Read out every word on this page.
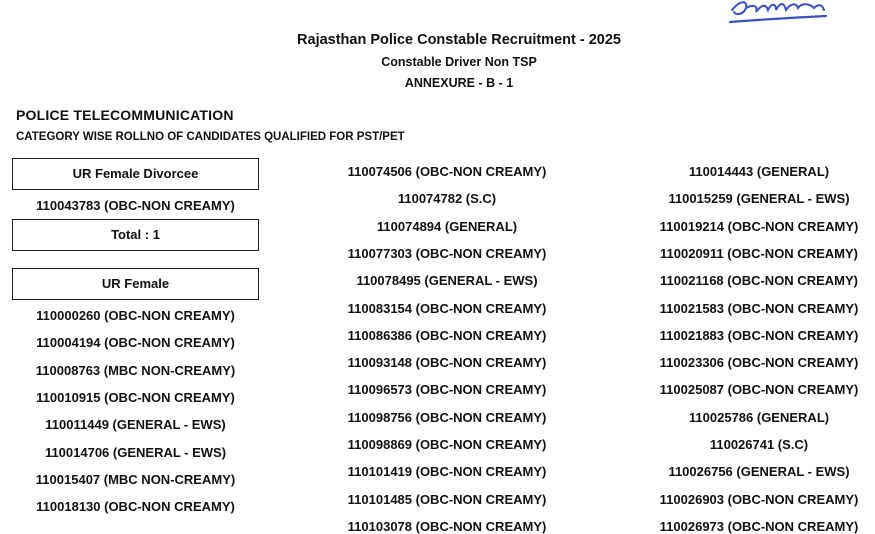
Rajasthan Police Constable Recruitment - 2025
Constable Driver Non TSP
ANNEXURE - B - 1
POLICE TELECOMMUNICATION
CATEGORY WISE ROLLNO OF CANDIDATES QUALIFIED FOR PST/PET
UR Female Divorcee
110043783 (OBC-NON CREAMY)
Total : 1
UR Female
110000260 (OBC-NON CREAMY)
110004194 (OBC-NON CREAMY)
110008763 (MBC NON-CREAMY)
110010915 (OBC-NON CREAMY)
110011449 (GENERAL - EWS)
110014706 (GENERAL - EWS)
110015407 (MBC NON-CREAMY)
110018130 (OBC-NON CREAMY)
110074506 (OBC-NON CREAMY)
110074782 (S.C)
110074894 (GENERAL)
110077303 (OBC-NON CREAMY)
110078495 (GENERAL - EWS)
110083154 (OBC-NON CREAMY)
110086386 (OBC-NON CREAMY)
110093148 (OBC-NON CREAMY)
110096573 (OBC-NON CREAMY)
110098756 (OBC-NON CREAMY)
110098869 (OBC-NON CREAMY)
110101419 (OBC-NON CREAMY)
110101485 (OBC-NON CREAMY)
110103078 (OBC-NON CREAMY)
110014443 (GENERAL)
110015259 (GENERAL - EWS)
110019214 (OBC-NON CREAMY)
110020911 (OBC-NON CREAMY)
110021168 (OBC-NON CREAMY)
110021583 (OBC-NON CREAMY)
110021883 (OBC-NON CREAMY)
110023306 (OBC-NON CREAMY)
110025087 (OBC-NON CREAMY)
110025786 (GENERAL)
110026741 (S.C)
110026756 (GENERAL - EWS)
110026903 (OBC-NON CREAMY)
110026973 (OBC-NON CREAMY)
